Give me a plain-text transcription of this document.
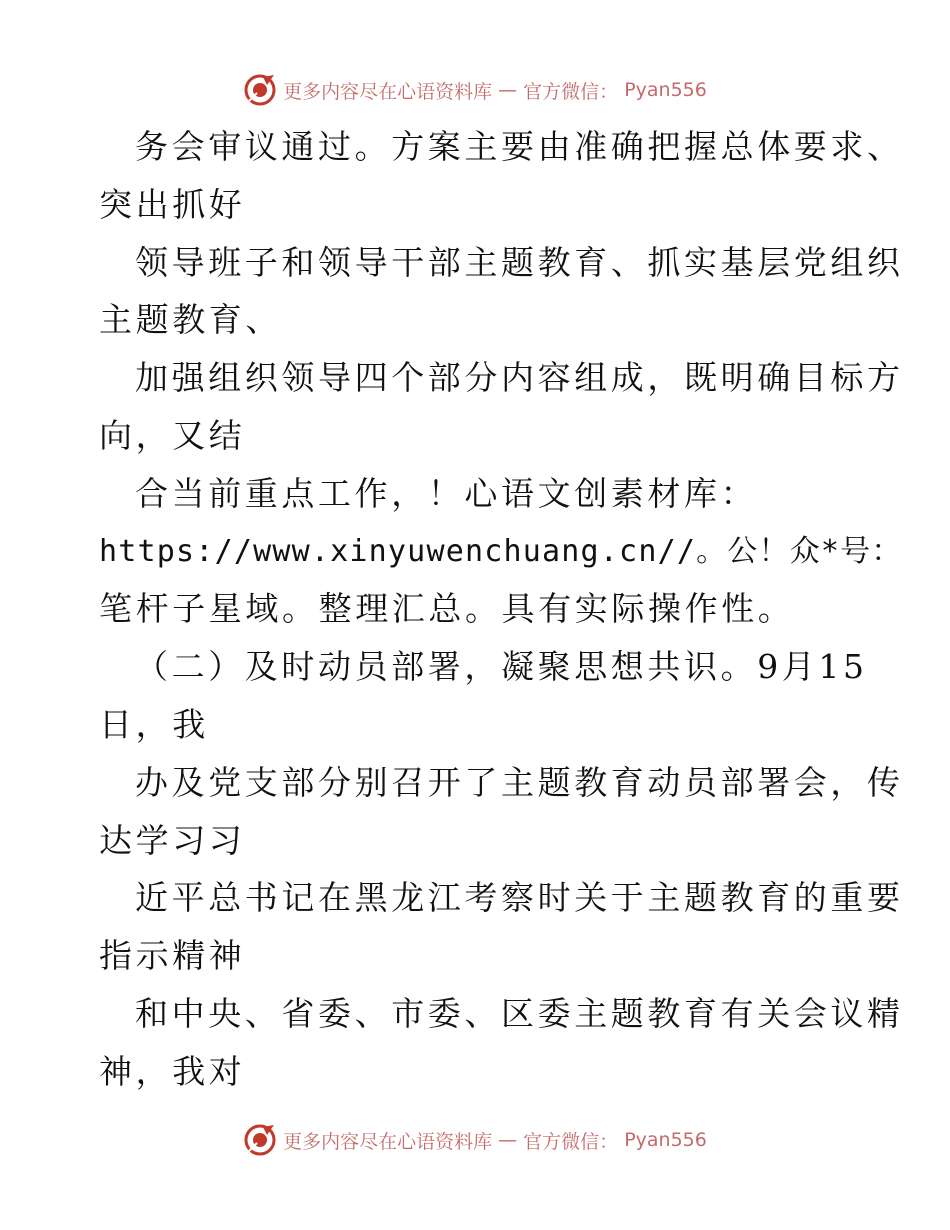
更多内容尽在心语资料库 — 官方微信： Pyan556
务会审议通过。方案主要由准确把握总体要求、
突出抓好
领导班子和领导干部主题教育、抓实基层党组织
主题教育、
加强组织领导四个部分内容组成，既明确目标方
向，又结
合当前重点工作，！心语文创素材库：
https://www.xinyuwenchuang.cn//。公！众*号：
笔杆子星域。整理汇总。具有实际操作性。
（二）及时动员部署，凝聚思想共识。9月15
日，我
办及党支部分别召开了主题教育动员部署会，传
达学习习
近平总书记在黑龙江考察时关于主题教育的重要
指示精神
和中央、省委、市委、区委主题教育有关会议精
神，我对
更多内容尽在心语资料库 — 官方微信： Pyan556
